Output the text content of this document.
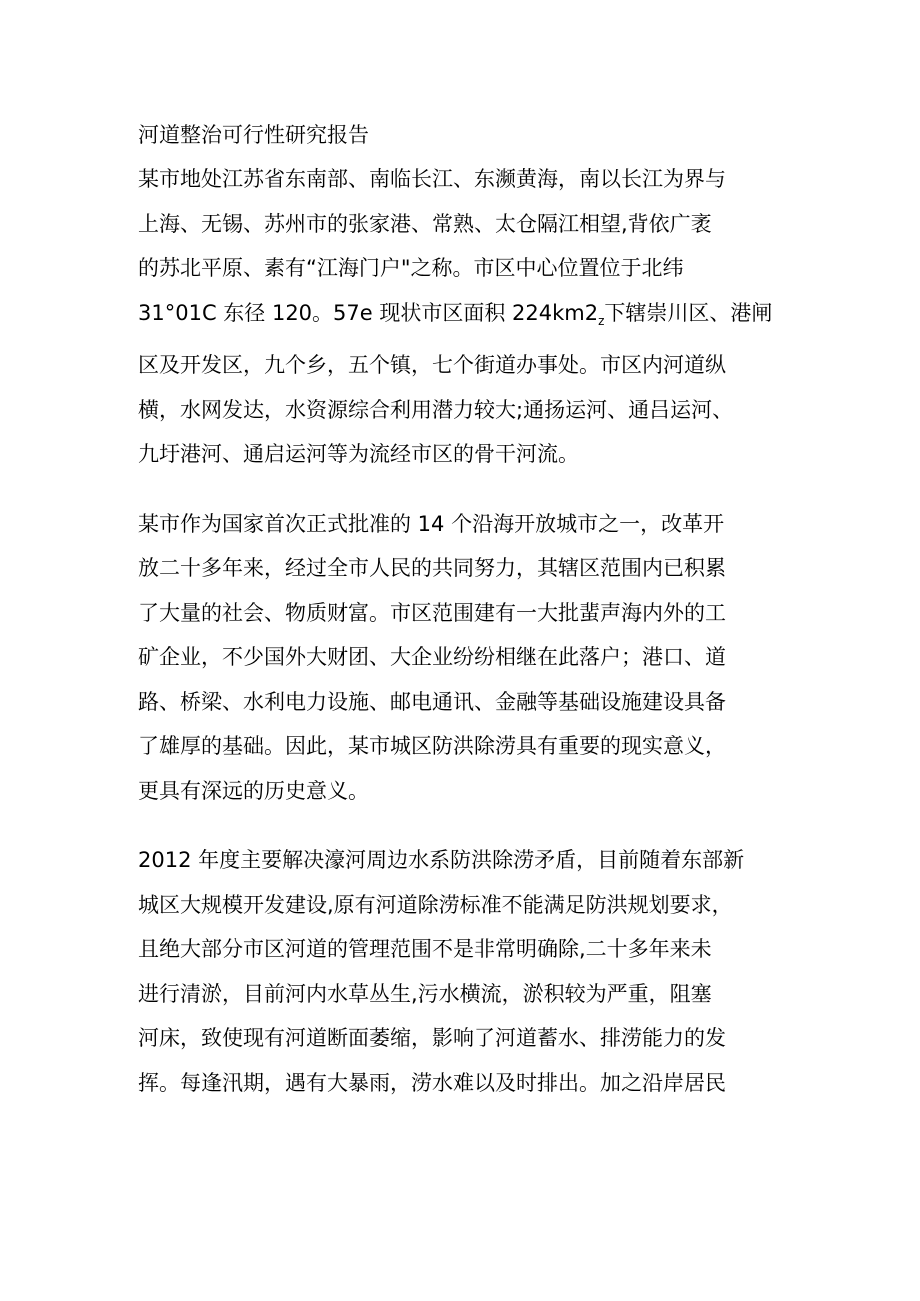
河道整治可行性研究报告

某市地处江苏省东南部、南临长江、东濒黄海，南以长江为界与
上海、无锡、苏州市的张家港、常熟、太仓隔江相望,背依广袤
的苏北平原、素有“江海门户"之称。市区中心位置位于北纬
31°01C 东径 120。57e 现状市区面积 $224km2_z$下辖崇川区、港闸
区及开发区，九个乡，五个镇，七个街道办事处。市区内河道纵
横，水网发达，水资源综合利用潜力较大;通扬运河、通吕运河、
九圩港河、通启运河等为流经市区的骨干河流。

某市作为国家首次正式批准的 14 个沿海开放城市之一，改革开
放二十多年来，经过全市人民的共同努力，其辖区范围内已积累
了大量的社会、物质财富。市区范围建有一大批蜚声海内外的工
矿企业，不少国外大财团、大企业纷纷相继在此落户；港口、道
路、桥梁、水利电力设施、邮电通讯、金融等基础设施建设具备
了雄厚的基础。因此，某市城区防洪除涝具有重要的现实意义，
更具有深远的历史意义。

2012 年度主要解决濠河周边水系防洪除涝矛盾，目前随着东部新
城区大规模开发建设,原有河道除涝标准不能满足防洪规划要求，
且绝大部分市区河道的管理范围不是非常明确除,二十多年来未
进行清淤，目前河内水草丛生,污水横流，淤积较为严重，阻塞
河床，致使现有河道断面萎缩，影响了河道蓄水、排涝能力的发
挥。每逢汛期，遇有大暴雨，涝水难以及时排出。加之沿岸居民
